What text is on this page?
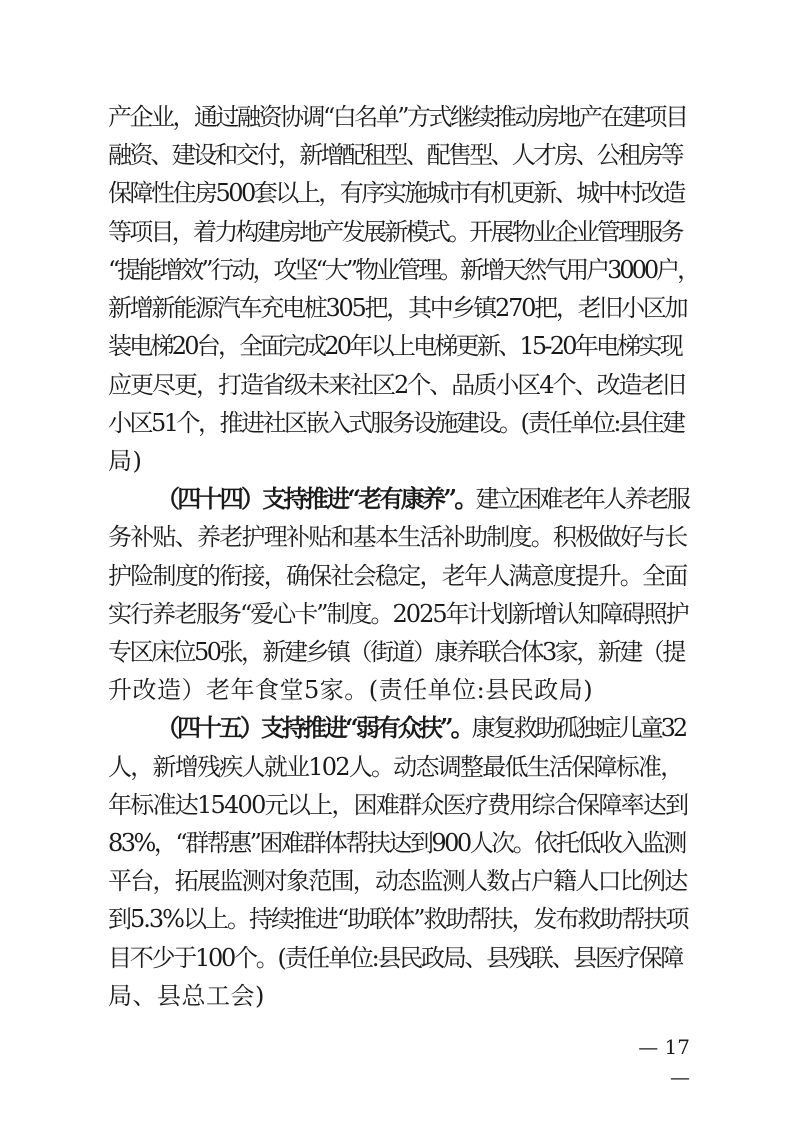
产企业，通过融资协调“白名单”方式继续推动房地产在建项目
融资、建设和交付，新增配租型、配售型、人才房、公租房等
保障性住房500套以上，有序实施城市有机更新、城中村改造
等项目，着力构建房地产发展新模式。开展物业企业管理服务
“提能增效”行动，攻坚“大”物业管理。新增天然气用户3000户，
新增新能源汽车充电桩305把，其中乡镇270把，老旧小区加
装电梯20台，全面完成20年以上电梯更新、15-20年电梯实现
应更尽更，打造省级未来社区2个、品质小区4个、改造老旧
小区51个，推进社区嵌入式服务设施建设。(责任单位:县住建
局)
（四十四）支持推进“老有康养”。建立困难老年人养老服
务补贴、养老护理补贴和基本生活补助制度。积极做好与长
护险制度的衔接，确保社会稳定，老年人满意度提升。全面
实行养老服务“爱心卡”制度。2025年计划新增认知障碍照护
专区床位50张，新建乡镇（街道）康养联合体3家，新建（提
升改造）老年食堂5家。(责任单位:县民政局)
（四十五）支持推进“弱有众扶”。康复救助孤独症儿童32
人，新增残疾人就业102人。动态调整最低生活保障标准，
年标准达15400元以上，困难群众医疗费用综合保障率达到
83%，“群帮惠”困难群体帮扶达到900人次。依托低收入监测
平台，拓展监测对象范围，动态监测人数占户籍人口比例达
到5.3%以上。持续推进“助联体”救助帮扶，发布救助帮扶项
目不少于100个。(责任单位:县民政局、县残联、县医疗保障
局、县总工会)
— 17 —
